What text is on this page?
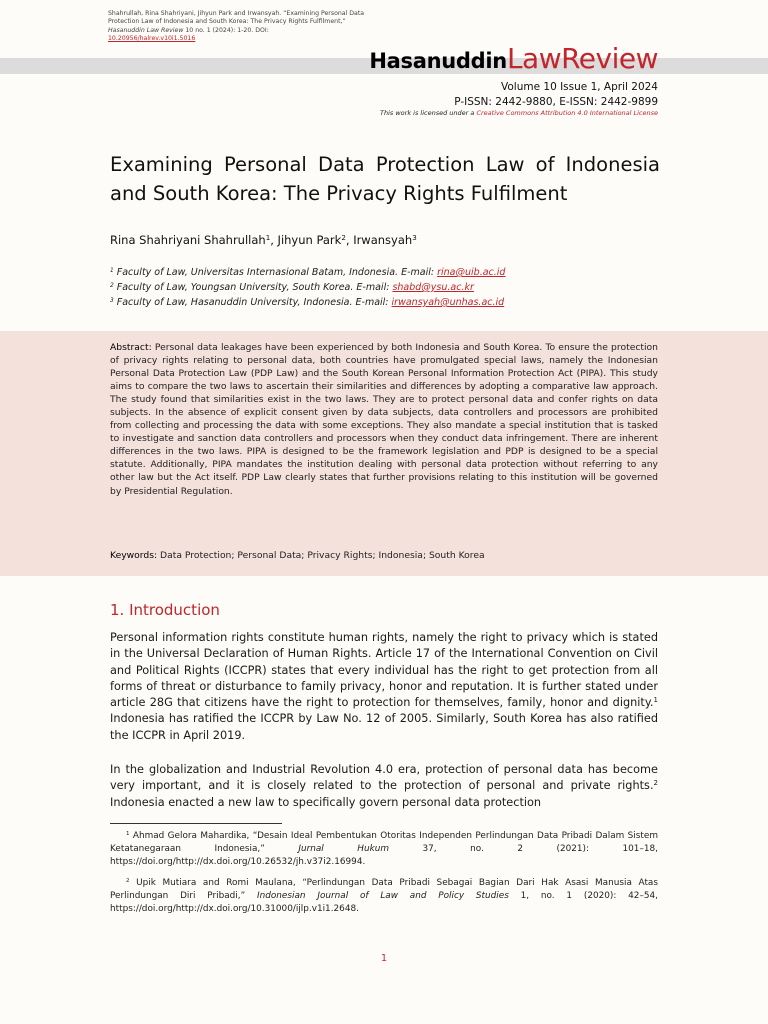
Shahrullah, Rina Shahriyani, Jihyun Park and Irwansyah. “Examining Personal Data Protection Law of Indonesia and South Korea: The Privacy Rights Fulfilment,” Hasanuddin Law Review 10 no. 1 (2024): 1-20. DOI:
10.20956/halrev.v10i1.5016
HasanuddinLawReview
Volume 10 Issue 1, April 2024
P-ISSN: 2442-9880, E-ISSN: 2442-9899
This work is licensed under a Creative Commons Attribution 4.0 International License
Examining Personal Data Protection Law of Indonesia and South Korea: The Privacy Rights Fulfilment
Rina Shahriyani Shahrullah$^1$, Jihyun Park$^2$, Irwansyah$^3$
$^1$ Faculty of Law, Universitas Internasional Batam, Indonesia. E-mail: rina@uib.ac.id
$^2$ Faculty of Law, Youngsan University, South Korea. E-mail: shabd@ysu.ac.kr
$^3$ Faculty of Law, Hasanuddin University, Indonesia. E-mail: irwansyah@unhas.ac.id
Abstract: Personal data leakages have been experienced by both Indonesia and South Korea. To ensure the protection of privacy rights relating to personal data, both countries have promulgated special laws, namely the Indonesian Personal Data Protection Law (PDP Law) and the South Korean Personal Information Protection Act (PIPA). This study aims to compare the two laws to ascertain their similarities and differences by adopting a comparative law approach. The study found that similarities exist in the two laws. They are to protect personal data and confer rights on data subjects. In the absence of explicit consent given by data subjects, data controllers and processors are prohibited from collecting and processing the data with some exceptions. They also mandate a special institution that is tasked to investigate and sanction data controllers and processors when they conduct data infringement. There are inherent differences in the two laws. PIPA is designed to be the framework legislation and PDP is designed to be a special statute. Additionally, PIPA mandates the institution dealing with personal data protection without referring to any other law but the Act itself. PDP Law clearly states that further provisions relating to this institution will be governed by Presidential Regulation.
Keywords: Data Protection; Personal Data; Privacy Rights; Indonesia; South Korea
1. Introduction
Personal information rights constitute human rights, namely the right to privacy which is stated in the Universal Declaration of Human Rights. Article 17 of the International Convention on Civil and Political Rights (ICCPR) states that every individual has the right to get protection from all forms of threat or disturbance to family privacy, honor and reputation. It is further stated under article 28G that citizens have the right to protection for themselves, family, honor and dignity.$^1$ Indonesia has ratified the ICCPR by Law No. 12 of 2005. Similarly, South Korea has also ratified the ICCPR in April 2019.
In the globalization and Industrial Revolution 4.0 era, protection of personal data has become very important, and it is closely related to the protection of personal and private rights.$^2$ Indonesia enacted a new law to specifically govern personal data protection
$^1$ Ahmad Gelora Mahardika, “Desain Ideal Pembentukan Otoritas Independen Perlindungan Data Pribadi Dalam Sistem Ketatanegaraan Indonesia,” Jurnal Hukum 37, no. 2 (2021): 101–18, https://doi.org/http://dx.doi.org/10.26532/jh.v37i2.16994.
$^2$ Upik Mutiara and Romi Maulana, “Perlindungan Data Pribadi Sebagai Bagian Dari Hak Asasi Manusia Atas Perlindungan Diri Pribadi,” Indonesian Journal of Law and Policy Studies 1, no. 1 (2020): 42–54, https://doi.org/http://dx.doi.org/10.31000/ijlp.v1i1.2648.
1
